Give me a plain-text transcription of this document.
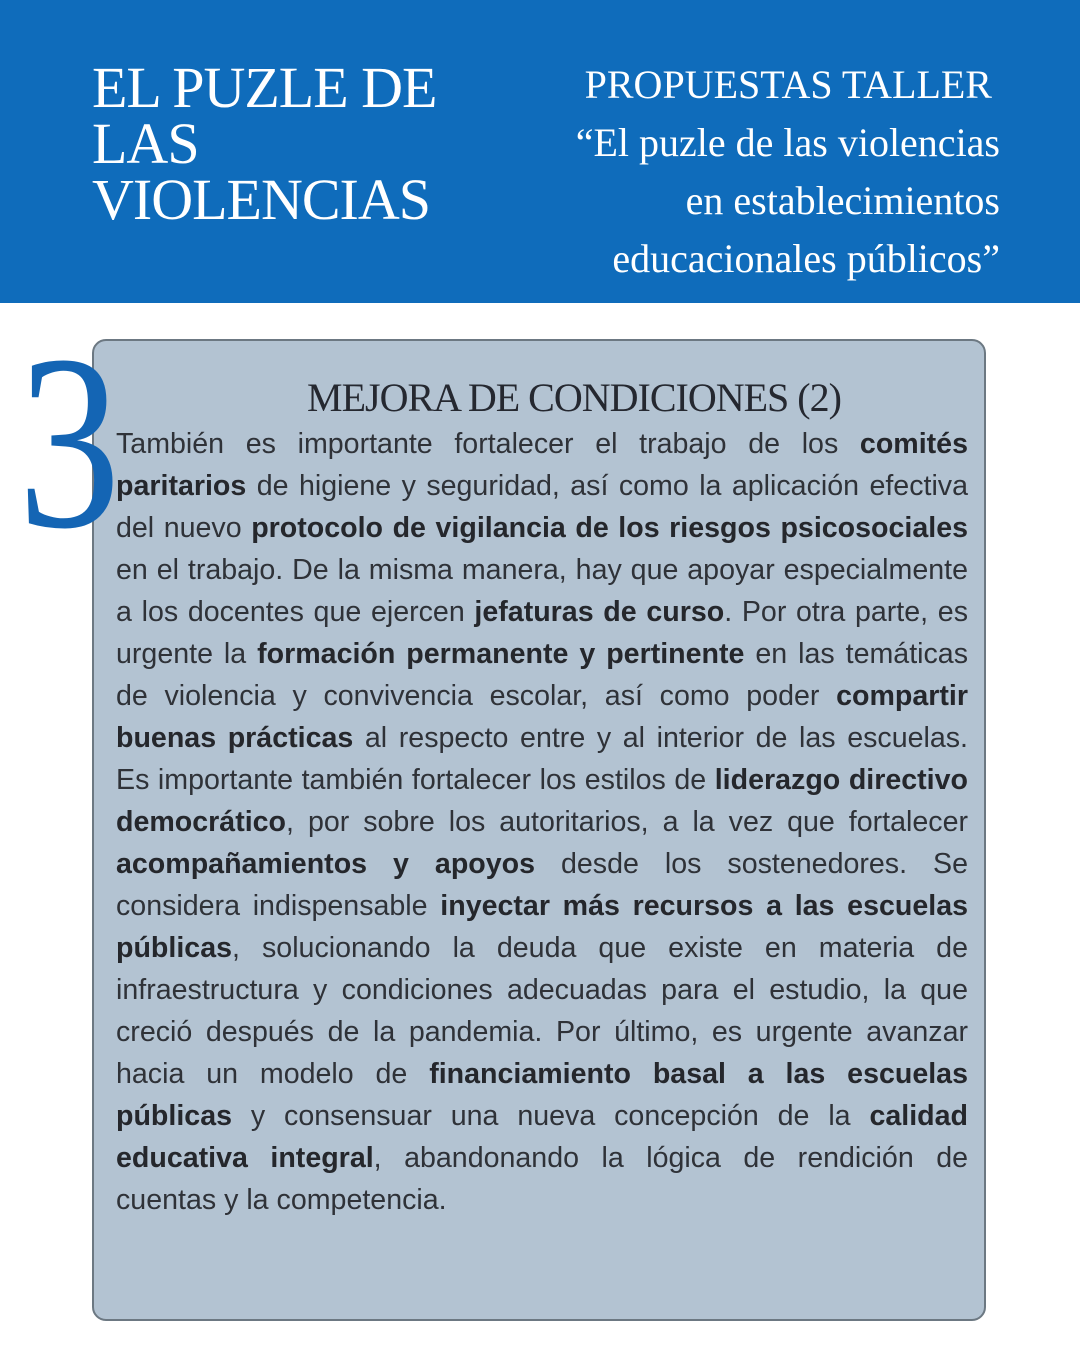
EL PUZLE DE
LAS
VIOLENCIAS
PROPUESTAS TALLER
“El puzle de las violencias
en establecimientos
educacionales públicos”
3	MEJORA DE CONDICIONES (2)

También es importante fortalecer el trabajo de los comités paritarios de higiene y seguridad, así como la aplicación efectiva del nuevo protocolo de vigilancia de los riesgos psicosociales en el trabajo. De la misma manera, hay que apoyar especialmente a los docentes que ejercen jefaturas de curso. Por otra parte, es urgente la formación permanente y pertinente en las temáticas de violencia y convivencia escolar, así como poder compartir buenas prácticas al respecto entre y al interior de las escuelas. Es importante también fortalecer los estilos de liderazgo directivo democrático, por sobre los autoritarios, a la vez que fortalecer acompañamientos y apoyos desde los sostenedores. Se considera indispensable inyectar más recursos a las escuelas públicas, solucionando la deuda que existe en materia de infraestructura y condiciones adecuadas para el estudio, la que creció después de la pandemia. Por último, es urgente avanzar hacia un modelo de financiamiento basal a las escuelas públicas y consensuar una nueva concepción de la calidad educativa integral, abandonando la lógica de rendición de cuentas y la competencia.
